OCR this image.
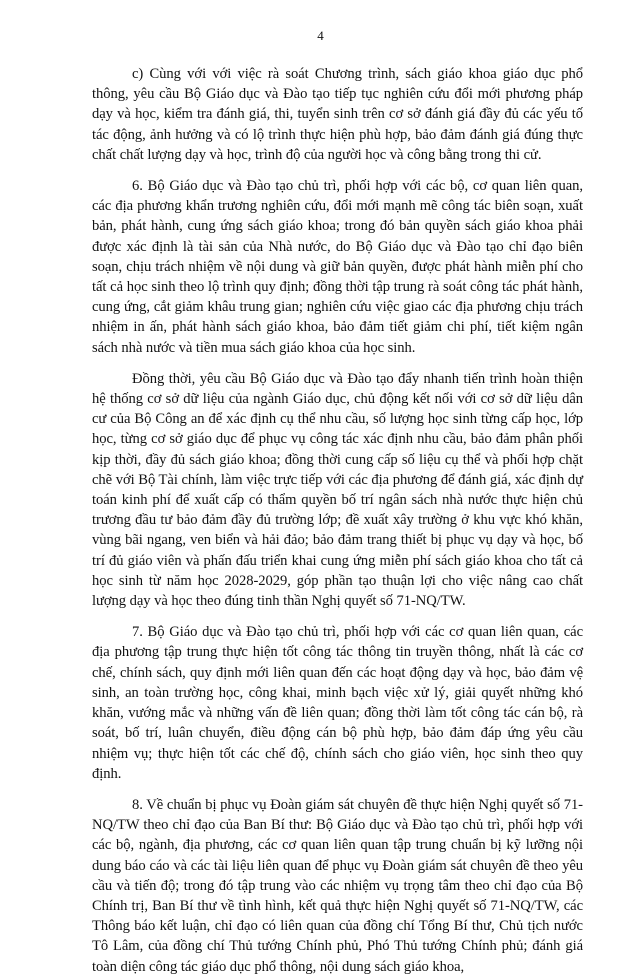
4

c) Cùng với với việc rà soát Chương trình, sách giáo khoa giáo dục phổ thông, yêu cầu Bộ Giáo dục và Đào tạo tiếp tục nghiên cứu đổi mới phương pháp dạy và học, kiểm tra đánh giá, thi, tuyển sinh trên cơ sở đánh giá đầy đủ các yếu tố tác động, ảnh hưởng và có lộ trình thực hiện phù hợp, bảo đảm đánh giá đúng thực chất chất lượng dạy và học, trình độ của người học và công bằng trong thi cử.

6. Bộ Giáo dục và Đào tạo chủ trì, phối hợp với các bộ, cơ quan liên quan, các địa phương khẩn trương nghiên cứu, đổi mới mạnh mẽ công tác biên soạn, xuất bản, phát hành, cung ứng sách giáo khoa; trong đó bản quyền sách giáo khoa phải được xác định là tài sản của Nhà nước, do Bộ Giáo dục và Đào tạo chỉ đạo biên soạn, chịu trách nhiệm về nội dung và giữ bản quyền, được phát hành miễn phí cho tất cả học sinh theo lộ trình quy định; đồng thời tập trung rà soát công tác phát hành, cung ứng, cắt giảm khâu trung gian; nghiên cứu việc giao các địa phương chịu trách nhiệm in ấn, phát hành sách giáo khoa, bảo đảm tiết giảm chi phí, tiết kiệm ngân sách nhà nước và tiền mua sách giáo khoa của học sinh.

Đồng thời, yêu cầu Bộ Giáo dục và Đào tạo đẩy nhanh tiến trình hoàn thiện hệ thống cơ sở dữ liệu của ngành Giáo dục, chủ động kết nối với cơ sở dữ liệu dân cư của Bộ Công an để xác định cụ thể nhu cầu, số lượng học sinh từng cấp học, lớp học, từng cơ sở giáo dục để phục vụ công tác xác định nhu cầu, bảo đảm phân phối kịp thời, đầy đủ sách giáo khoa; đồng thời cung cấp số liệu cụ thể và phối hợp chặt chẽ với Bộ Tài chính, làm việc trực tiếp với các địa phương để đánh giá, xác định dự toán kinh phí để xuất cấp có thẩm quyền bố trí ngân sách nhà nước thực hiện chủ trương đầu tư bảo đảm đầy đủ trường lớp; đề xuất xây trường ở khu vực khó khăn, vùng bãi ngang, ven biển và hải đảo; bảo đảm trang thiết bị phục vụ dạy và học, bố trí đủ giáo viên và phấn đấu triển khai cung ứng miễn phí sách giáo khoa cho tất cả học sinh từ năm học 2028-2029, góp phần tạo thuận lợi cho việc nâng cao chất lượng dạy và học theo đúng tinh thần Nghị quyết số 71-NQ/TW.

7. Bộ Giáo dục và Đào tạo chủ trì, phối hợp với các cơ quan liên quan, các địa phương tập trung thực hiện tốt công tác thông tin truyền thông, nhất là các cơ chế, chính sách, quy định mới liên quan đến các hoạt động dạy và học, bảo đảm vệ sinh, an toàn trường học, công khai, minh bạch việc xử lý, giải quyết những khó khăn, vướng mắc và những vấn đề liên quan; đồng thời làm tốt công tác cán bộ, rà soát, bố trí, luân chuyển, điều động cán bộ phù hợp, bảo đảm đáp ứng yêu cầu nhiệm vụ; thực hiện tốt các chế độ, chính sách cho giáo viên, học sinh theo quy định.

8. Về chuẩn bị phục vụ Đoàn giám sát chuyên đề thực hiện Nghị quyết số 71-NQ/TW theo chỉ đạo của Ban Bí thư: Bộ Giáo dục và Đào tạo chủ trì, phối hợp với các bộ, ngành, địa phương, các cơ quan liên quan tập trung chuẩn bị kỹ lưỡng nội dung báo cáo và các tài liệu liên quan để phục vụ Đoàn giám sát chuyên đề theo yêu cầu và tiến độ; trong đó tập trung vào các nhiệm vụ trọng tâm theo chỉ đạo của Bộ Chính trị, Ban Bí thư về tình hình, kết quả thực hiện Nghị quyết số 71-NQ/TW, các Thông báo kết luận, chỉ đạo có liên quan của đồng chí Tổng Bí thư, Chủ tịch nước Tô Lâm, của đồng chí Thủ tướng Chính phủ, Phó Thủ tướng Chính phủ; đánh giá toàn diện công tác giáo dục phổ thông, nội dung sách giáo khoa,
